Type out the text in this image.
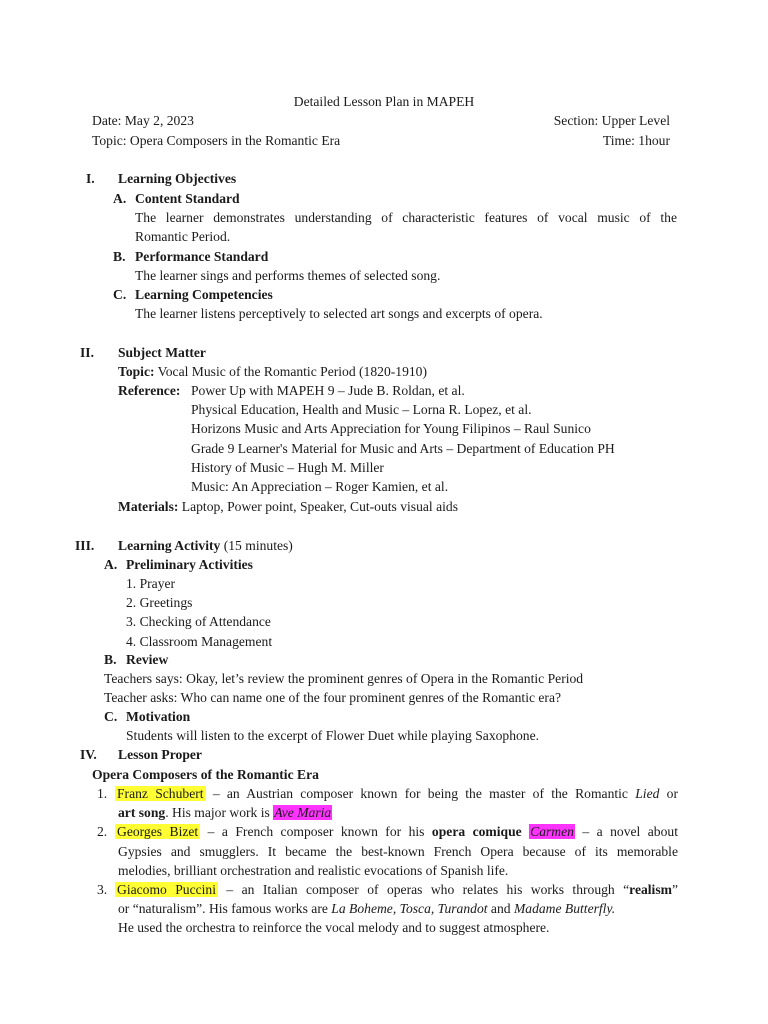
Detailed Lesson Plan in MAPEH
Date: May 2, 2023	Section: Upper Level
Topic: Opera Composers in the Romantic Era	Time: 1hour
I. Learning Objectives
A. Content Standard
The learner demonstrates understanding of characteristic features of vocal music of the
Romantic Period.
B. Performance Standard
The learner sings and performs themes of selected song.
C. Learning Competencies
The learner listens perceptively to selected art songs and excerpts of opera.
II. Subject Matter
Topic: Vocal Music of the Romantic Period (1820-1910)
Reference: Power Up with MAPEH 9 – Jude B. Roldan, et al.
Physical Education, Health and Music – Lorna R. Lopez, et al.
Horizons Music and Arts Appreciation for Young Filipinos – Raul Sunico
Grade 9 Learner's Material for Music and Arts – Department of Education PH
History of Music – Hugh M. Miller
Music: An Appreciation – Roger Kamien, et al.
Materials: Laptop, Power point, Speaker, Cut-outs visual aids
III. Learning Activity (15 minutes)
A. Preliminary Activities
1. Prayer
2. Greetings
3. Checking of Attendance
4. Classroom Management
B. Review
Teachers says: Okay, let’s review the prominent genres of Opera in the Romantic Period
Teacher asks: Who can name one of the four prominent genres of the Romantic era?
C. Motivation
Students will listen to the excerpt of Flower Duet while playing Saxophone.
IV. Lesson Proper
Opera Composers of the Romantic Era
1. Franz Schubert – an Austrian composer known for being the master of the Romantic Lied or
art song. His major work is Ave Maria
2. Georges Bizet – a French composer known for his opera comique Carmen – a novel about
Gypsies and smugglers. It became the best-known French Opera because of its memorable
melodies, brilliant orchestration and realistic evocations of Spanish life.
3. Giacomo Puccini – an Italian composer of operas who relates his works through “realism”
or “naturalism”. His famous works are La Boheme, Tosca, Turandot and Madame Butterfly.
He used the orchestra to reinforce the vocal melody and to suggest atmosphere.
